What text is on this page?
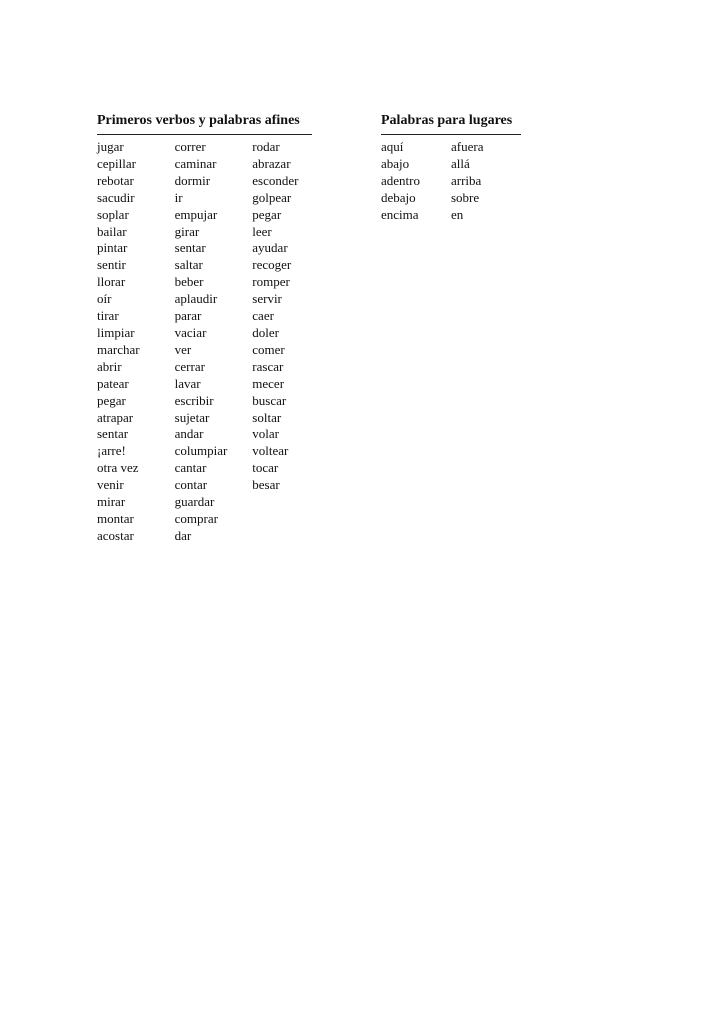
Primeros verbos y palabras afines
jugar
cepillar
rebotar
sacudir
soplar
bailar
pintar
sentir
llorar
oír
tirar
limpiar
marchar
abrir
patear
pegar
atrapar
sentar
¡arre!
otra vez
venir
mirar
montar
acostar
correr
caminar
dormir
ir
empujar
girar
sentar
saltar
beber
aplaudir
parar
vaciar
ver
cerrar
lavar
escribir
sujetar
andar
columpiar
cantar
contar
guardar
comprar
dar
rodar
abrazar
esconder
golpear
pegar
leer
ayudar
recoger
romper
servir
caer
doler
comer
rascar
mecer
buscar
soltar
volar
voltear
tocar
besar
Palabras para lugares
aquí
abajo
adentro
debajo
encima
afuera
allá
arriba
sobre
en
